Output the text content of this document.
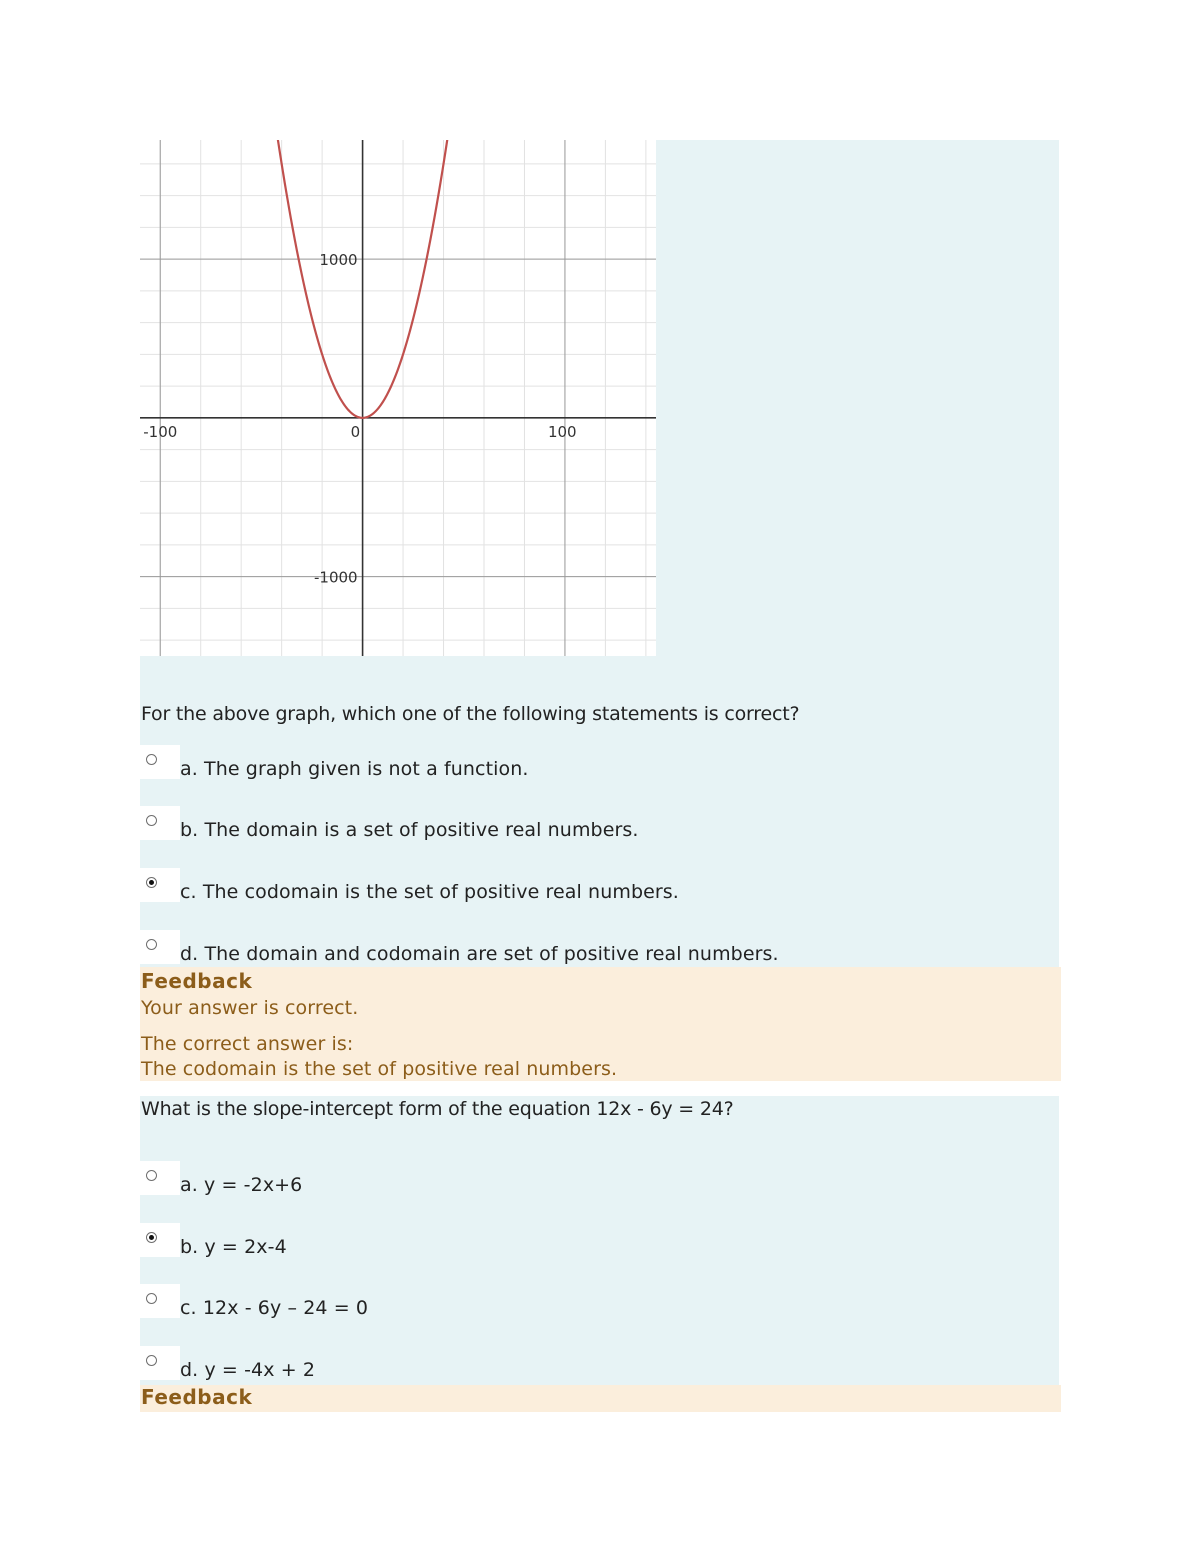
-100	0	100
1000
-1000

For the above graph, which one of the following statements is correct?

a. The graph given is not a function.
b. The domain is a set of positive real numbers.
c. The codomain is the set of positive real numbers.
d. The domain and codomain are set of positive real numbers.

Feedback

Your answer is correct.
The correct answer is:
The codomain is the set of positive real numbers.

What is the slope-intercept form of the equation 12x - 6y = 24?

a. y = -2x+6
b. y = 2x-4
c. 12x - 6y – 24 = 0
d. y = -4x + 2

Feedback
